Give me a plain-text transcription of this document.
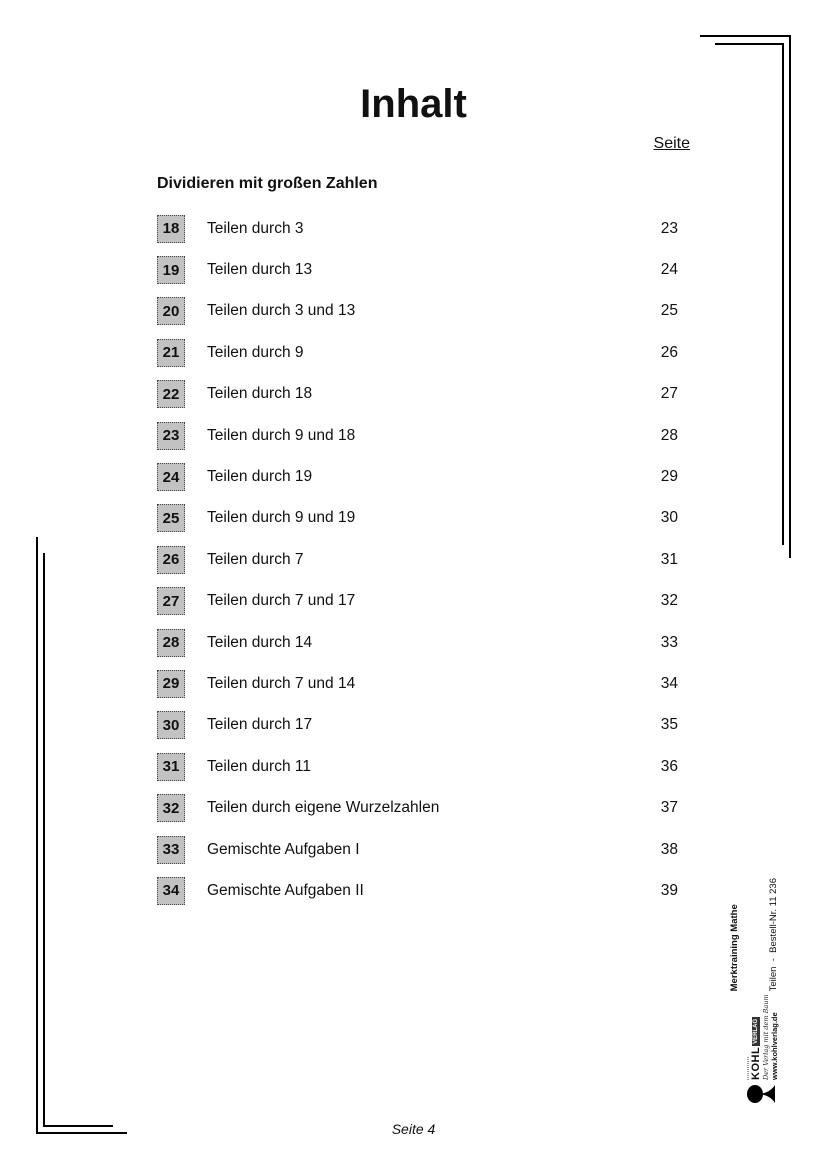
Inhalt
Seite
Dividieren mit großen Zahlen
18	Teilen durch 3	23
19	Teilen durch 13	24
20	Teilen durch 3 und 13	25
21	Teilen durch 9	26
22	Teilen durch 18	27
23	Teilen durch 9 und 18	28
24	Teilen durch 19	29
25	Teilen durch 9 und 19	30
26	Teilen durch 7	31
27	Teilen durch 7 und 17	32
28	Teilen durch 14	33
29	Teilen durch 7 und 14	34
30	Teilen durch 17	35
31	Teilen durch 11	36
32	Teilen durch eigene Wurzelzahlen	37
33	Gemischte Aufgaben I	38
34	Gemischte Aufgaben II	39
KOHL
VERLAG Der Verlag mit dem Baum www.kohlverlag.de

Merktraining Mathe

	Teilen  -  Bestell-Nr. 11 236

Seite 4
